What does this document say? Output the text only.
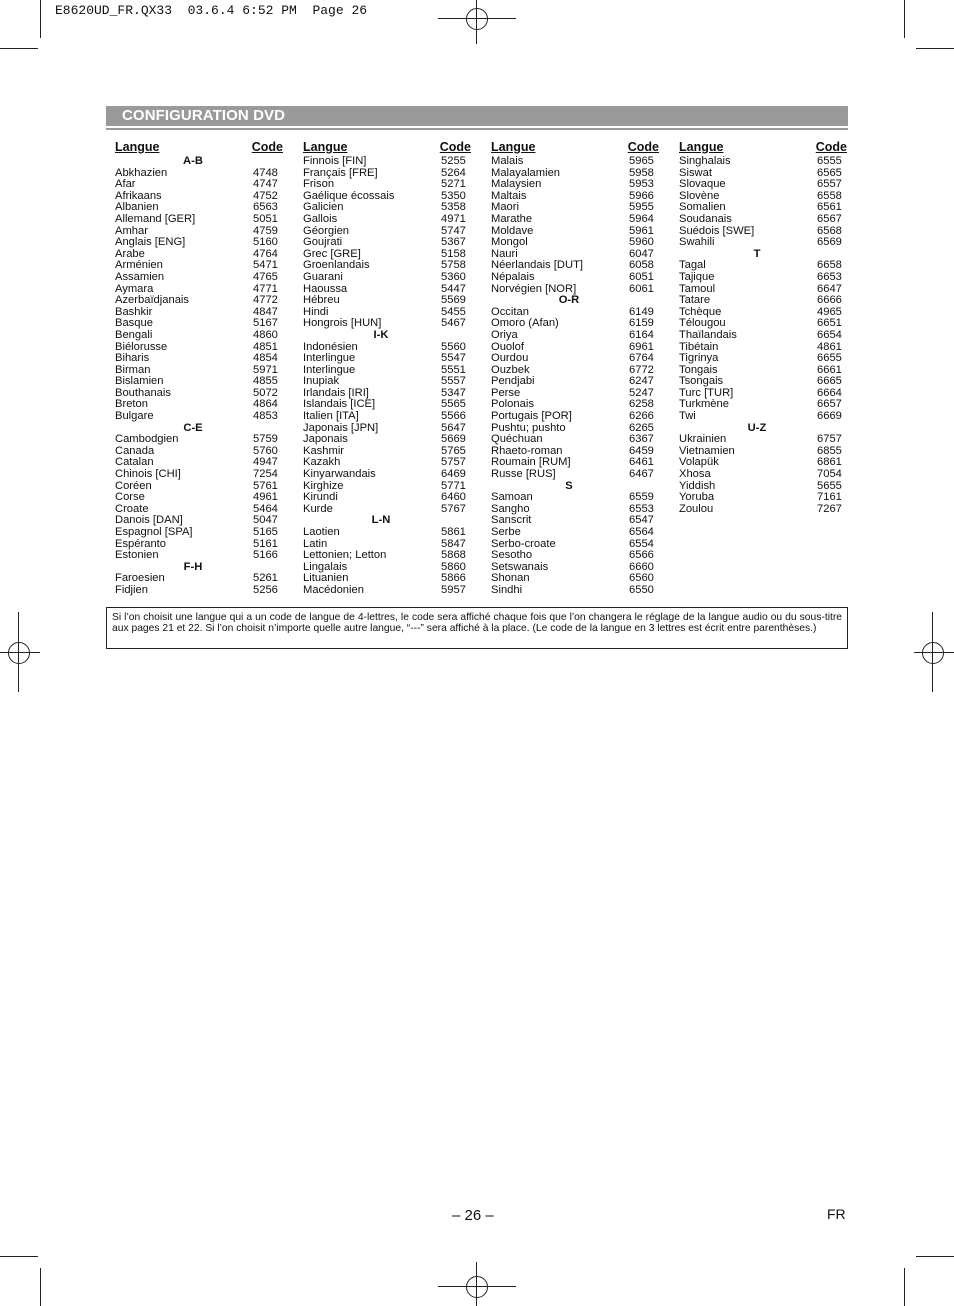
E8620UD_FR.QX33  03.6.4 6:52 PM  Page 26
CONFIGURATION DVD
Langue	Code
A-B
Abkhazien	4748
Afar	4747
Afrikaans	4752
Albanien	6563
Allemand [GER]	5051
Amhar	4759
Anglais [ENG]	5160
Arabe	4764
Arménien	5471
Assamien	4765
Aymara	4771
Azerbaïdjanais	4772
Bashkir	4847
Basque	5167
Bengali	4860
Biélorusse	4851
Biharis	4854
Birman	5971
Bislamien	4855
Bouthanais	5072
Breton	4864
Bulgare	4853
C-E
Cambodgien	5759
Canada	5760
Catalan	4947
Chinois [CHI]	7254
Coréen	5761
Corse	4961
Croate	5464
Danois [DAN]	5047
Espagnol [SPA]	5165
Espéranto	5161
Estonien	5166
F-H
Faroesien	5261
Fidjien	5256
Langue	Code
Finnois [FIN]	5255
Français [FRE]	5264
Frison	5271
Gaélique écossais	5350
Galicien	5358
Gallois	4971
Géorgien	5747
Goujrati	5367
Grec [GRE]	5158
Groenlandais	5758
Guarani	5360
Haoussa	5447
Hébreu	5569
Hindi	5455
Hongrois [HUN]	5467
I-K
Indonésien	5560
Interlingue	5547
Interlingue	5551
Inupiak	5557
Irlandais [IRI]	5347
Islandais [ICE]	5565
Italien [ITA]	5566
Japonais [JPN]	5647
Japonais	5669
Kashmir	5765
Kazakh	5757
Kinyarwandais	6469
Kirghize	5771
Kirundi	6460
Kurde	5767
L-N
Laotien	5861
Latin	5847
Lettonien; Letton	5868
Lingalais	5860
Lituanien	5866
Macédonien	5957
Langue	Code
Malais	5965
Malayalamien	5958
Malaysien	5953
Maltais	5966
Maori	5955
Marathe	5964
Moldave	5961
Mongol	5960
Nauri	6047
Néerlandais [DUT]	6058
Népalais	6051
Norvégien [NOR]	6061
O-R
Occitan	6149
Omoro (Afan)	6159
Oriya	6164
Ouolof	6961
Ourdou	6764
Ouzbek	6772
Pendjabi	6247
Perse	5247
Polonais	6258
Portugais [POR]	6266
Pushtu; pushto	6265
Quéchuan	6367
Rhaeto-roman	6459
Roumain [RUM]	6461
Russe [RUS]	6467
S
Samoan	6559
Sangho	6553
Sanscrit	6547
Serbe	6564
Serbo-croate	6554
Sesotho	6566
Setswanais	6660
Shonan	6560
Sindhi	6550
Langue	Code
Singhalais	6555
Siswat	6565
Slovaque	6557
Slovène	6558
Somalien	6561
Soudanais	6567
Suédois [SWE]	6568
Swahili	6569
T
Tagal	6658
Tajique	6653
Tamoul	6647
Tatare	6666
Tchèque	4965
Télougou	6651
Thaïlandais	6654
Tibétain	4861
Tigrinya	6655
Tongais	6661
Tsongais	6665
Turc [TUR]	6664
Turkmène	6657
Twi	6669
U-Z
Ukrainien	6757
Vietnamien	6855
Volapük	6861
Xhosa	7054
Yiddish	5655
Yoruba	7161
Zoulou	7267
Si l’on choisit une langue qui a un code de langue de 4-lettres, le code sera affiché chaque fois que l’on changera le réglage de la langue audio ou du sous-titre aux pages 21 et 22. Si l’on choisit n’importe quelle autre langue, “---” sera affiché à la place. (Le code de la langue en 3 lettres est écrit entre parenthèses.)
– 26 –	FR
